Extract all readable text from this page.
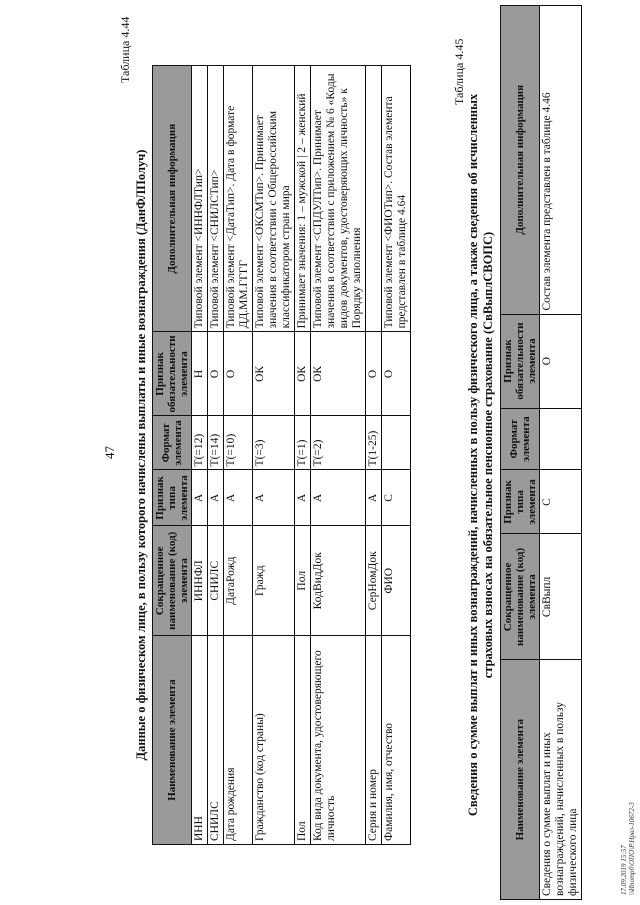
47
Таблица 4.44
Данные о физическом лице, в пользу которого начислены выплаты и иные вознаграждения (ДанФЛПолуч) Наименование элемента	Сокращенное наименование (код) элемента	Признак типа элемента	Формат элемента	Признак обязательности элемента	Дополнительная информация
ИНН	ИННФЛ	А	T(=12)	Н	Типовой элемент <ИННФЛТип>
СНИЛС	СНИЛС	А	T(=14)	О	Типовой элемент <СНИЛСТип>
Дата рождения	ДатаРожд	А	T(=10)	О	Типовой элемент <ДатаТип>. Дата в формате ДД.ММ.ГГГГ
Гражданство (код страны)	Гражд	А	T(=3)	ОК	Типовой элемент <ОКСМТип>. Принимает значения в соответствии с Общероссийским классификатором стран мира
Пол	Пол	А	T(=1)	ОК	Принимает значения: 1 – мужской | 2 – женский
Код вида документа, удостоверяющего личность	КодВидДок	А	T(=2)	ОК	Типовой элемент <СПДУЛТип>. Принимает значения в соответствии с приложением № 6 «Коды видов документов, удостоверяющих личность» к Порядку заполнения
Серия и номер	СерНомДок	А	T(1-25)	О	
Фамилия, имя, отчество	ФИО	С		О	Типовой элемент <ФИОТип>. Состав элемента представлен в таблице 4.64
Таблица 4.45
Сведения о сумме выплат и иных вознаграждений, начисленных в пользу физического лица, а также сведения об исчисленных страховых взносах на обязательное пенсионное страхование (СвВыплСВОПС)
Наименование элемента	Сокращенное наименование (код) элемента	Признак типа элемента	Формат элемента	Признак обязательности элемента	Дополнительная информация
Сведения о сумме выплат и иных вознаграждений, начисленных в пользу физического лица	СвВыпл	С		О	Состав элемента представлен в таблице 4.46
17.09.2019 15:57 \\Ипотрб\ОПО\Р.Нрвл-10672-3
